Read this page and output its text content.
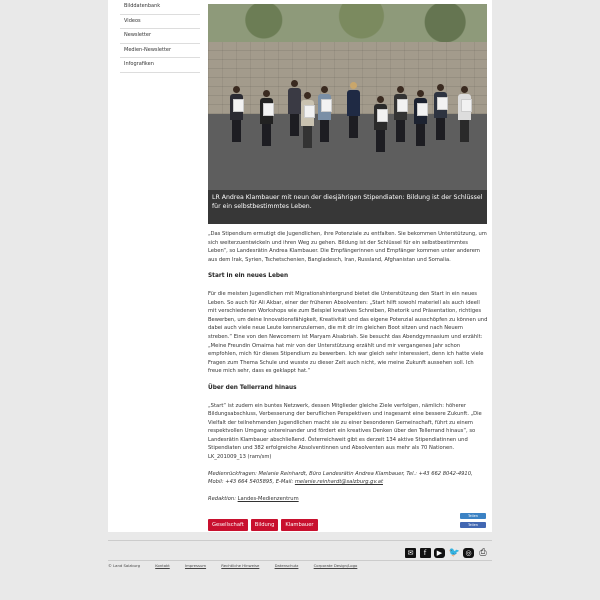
Bilddatenbank
Videos
Newsletter
Medien-Newsletter
Infografiken
LR Andrea Klambauer mit neun der diesjährigen Stipendiaten: Bildung ist der Schlüssel für ein selbstbestimmtes Leben.

„Das Stipendium ermutigt die Jugendlichen, ihre Potenziale zu entfalten. Sie bekommen Unterstützung, um sich weiterzuentwickeln und ihren Weg zu gehen. Bildung ist der Schlüssel für ein selbstbestimmtes Leben“, so Landesrätin Andrea Klambauer. Die Empfängerinnen und Empfänger kommen unter anderem aus dem Irak, Syrien, Tschetschenien, Bangladesch, Iran, Russland, Afghanistan und Somalia.

Start in ein neues Leben

Für die meisten Jugendlichen mit Migrationshintergrund bietet die Unterstützung den Start in ein neues Leben. So auch für Ali Akbar, einer der früheren Absolventen: „Start hilft sowohl materiell als auch ideell mit verschiedenen Workshops wie zum Beispiel kreatives Schreiben, Rhetorik und Präsentation, richtiges Bewerben, um deine Innovationsfähigkeit, Kreativität und das eigene Potenzial ausschöpfen zu können und dabei auch viele neue Leute kennenzulernen, die mit dir im gleichen Boot sitzen und nach Neuem streben.“ Eine von den Newcomern ist Maryam Alsabriah. Sie besucht das Abendgymnasium und erzählt: „Meine Freundin Omaima hat mir von der Unterstützung erzählt und mir vergangenes Jahr schon empfohlen, mich für dieses Stipendium zu bewerben. Ich war gleich sehr interessiert, denn ich hatte viele Fragen zum Thema Schule und wusste zu dieser Zeit auch nicht, wie meine Zukunft aussehen soll. Ich freue mich sehr, dass es geklappt hat.“

Über den Tellerrand hinaus

„Start“ ist zudem ein buntes Netzwerk, dessen Mitglieder gleiche Ziele verfolgen, nämlich: höherer Bildungsabschluss, Verbesserung der beruflichen Perspektiven und insgesamt eine bessere Zukunft. „Die Vielfalt der teilnehmenden Jugendlichen macht sie zu einer besonderen Gemeinschaft, führt zu einem respektvollen Umgang untereinander und fördert ein kreatives Denken über den Tellerrand hinaus“, so Landesrätin Klambauer abschließend. Österreichweit gibt es derzeit 134 aktive Stipendiatinnen und Stipendiaten und 382 erfolgreiche Absolventinnen und Absolventen aus mehr als 70 Nationen.

LK_201009_13 (ram/sm)

Medienrückfragen: Melanie Reinhardt, Büro Landesrätin Andrea Klambauer, Tel.: +43 662 8042-4910, Mobil: +43 664 5405895, E-Mail: melanie.reinhardt@salzburg.gv.at

Redaktion: Landes-Medienzentrum

Gesellschaft Bildung Klambauer
Teilen
Teilen
✉	f	▶ 🐦 ◎ ⎙
© Land Salzburg	Kontakt	Impressum	Rechtliche Hinweise	Datenschutz	Corporate Design/Logo
